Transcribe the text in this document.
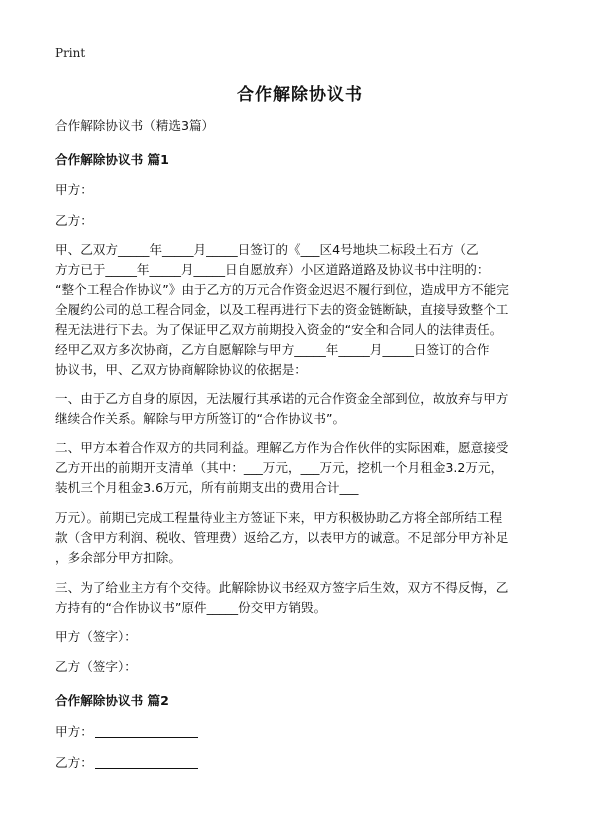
Print
合作解除协议书
合作解除协议书（精选3篇）
合作解除协议书 篇1
甲方：
乙方：
甲、乙双方_____年_____月_____日签订的《___区4号地块二标段土石方（乙
方方已于_____年_____月_____日自愿放弃）小区道路道路及协议书中注明的：
“整个工程合作协议”》由于乙方的万元合作资金迟迟不履行到位，造成甲方不能完
全履约公司的总工程合同金，以及工程再进行下去的资金链断缺，直接导致整个工
程无法进行下去。为了保证甲乙双方前期投入资金的“安全和合同人的法律责任。
经甲乙双方多次协商，乙方自愿解除与甲方_____年_____月_____日签订的合作
协议书，甲、乙双方协商解除协议的依据是：
一、由于乙方自身的原因，无法履行其承诺的元合作资金全部到位，故放弃与甲方
继续合作关系。解除与甲方所签订的“合作协议书”。
二、甲方本着合作双方的共同利益。理解乙方作为合作伙伴的实际困难，愿意接受
乙方开出的前期开支清单（其中：___万元，___万元，挖机一个月租金3.2万元，
装机三个月租金3.6万元，所有前期支出的费用合计___
万元）。前期已完成工程量待业主方签证下来，甲方积极协助乙方将全部所结工程
款（含甲方利润、税收、管理费）返给乙方，以表甲方的诚意。不足部分甲方补足
，多余部分甲方扣除。
三、为了给业主方有个交待。此解除协议书经双方签字后生效，双方不得反悔，乙
方持有的“合作协议书”原件_____份交甲方销毁。
甲方（签字）：
乙方（签字）：
合作解除协议书 篇2
甲方：
乙方：
